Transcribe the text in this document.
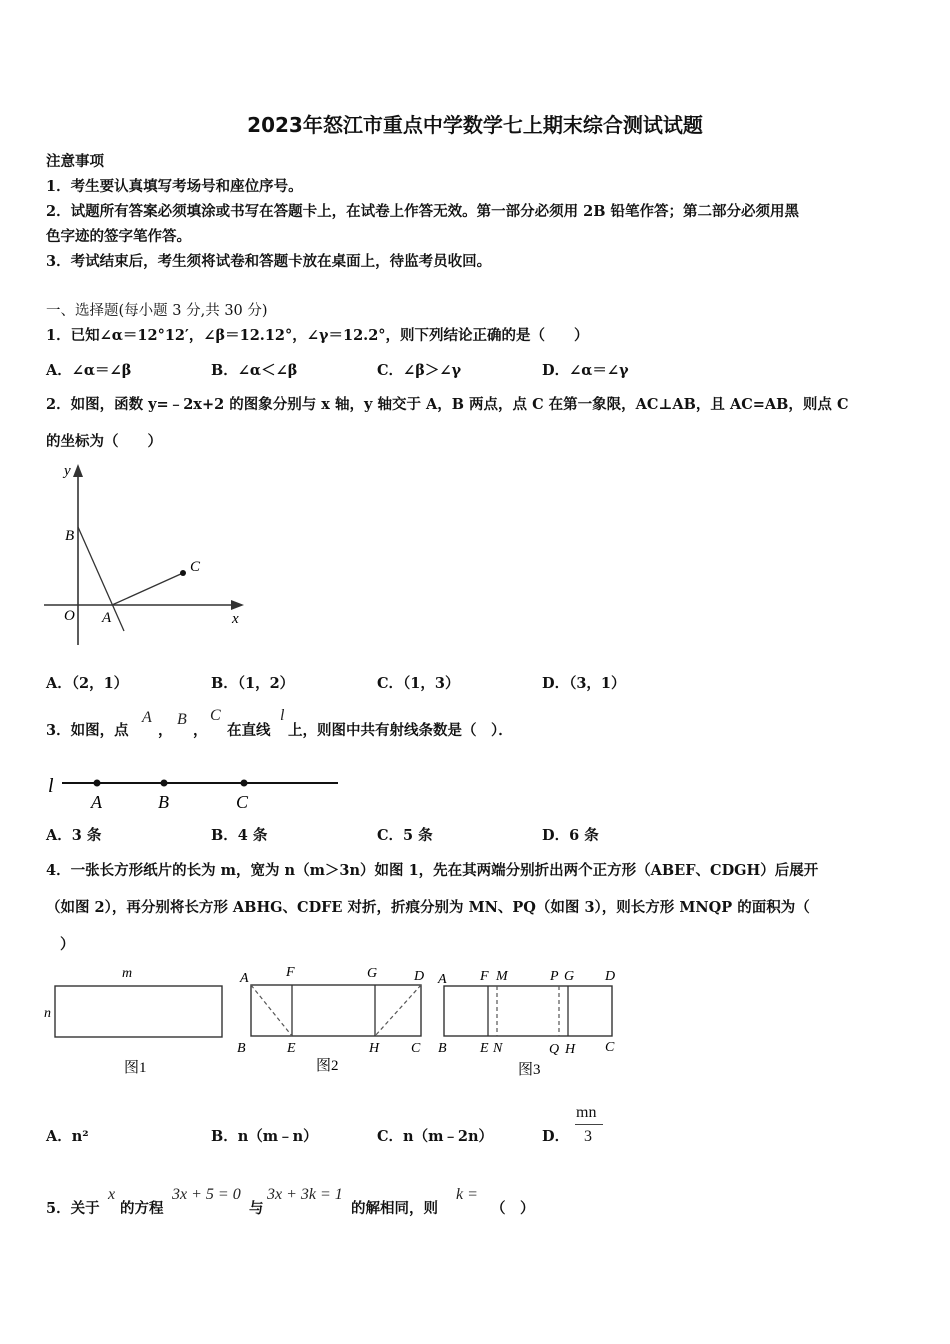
2023年怒江市重点中学数学七上期末综合测试试题
注意事项
1．考生要认真填写考场号和座位序号。
2．试题所有答案必须填涂或书写在答题卡上，在试卷上作答无效。第一部分必须用 2B 铅笔作答；第二部分必须用黑
色字迹的签字笔作答。
3．考试结束后，考生须将试卷和答题卡放在桌面上，待监考员收回。
一、选择题(每小题 3 分,共 30 分)
1．已知∠α＝12°12′，∠β＝12.12°，∠γ＝12.2°，则下列结论正确的是（　　）
A．∠α＝∠β	B．∠α＜∠β	C．∠β＞∠γ	D．∠α＝∠γ
2．如图，函数 y=﹣2x+2 的图象分别与 x 轴，y 轴交于 A，B 两点，点 C 在第一象限，AC⊥AB，且 AC=AB，则点 C
的坐标为（　　）
y
x
O A
B
C
A．（2，1）	B．（1，2）	C．（1，3）	D．（3，1）
3．如图，点
A
，
B
，
C
在直线
l
上，则图中共有射线条数是（　）．
l
A	B	C
A．3 条	B．4 条	C．5 条	D．6 条
4．一张长方形纸片的长为 m，宽为 n（m＞3n）如图 1，先在其两端分别折出两个正方形（ABEF、CDGH）后展开
（如图 2），再分别将长方形 ABHG、CDFE 对折，折痕分别为 MN、PQ（如图 3），则长方形 MNQP 的面积为（
）
m
n
图1
A	F	G	D
B	E	H C
图2
A F M	P G D
B E N	Q H C
图3
A．n²	B．n（m﹣n）	C．n（m﹣2n）	D．
mn
3
5．关于
x
的方程
3x + 5 = 0
与
3x + 3k = 1
的解相同，则
k =
（　）
